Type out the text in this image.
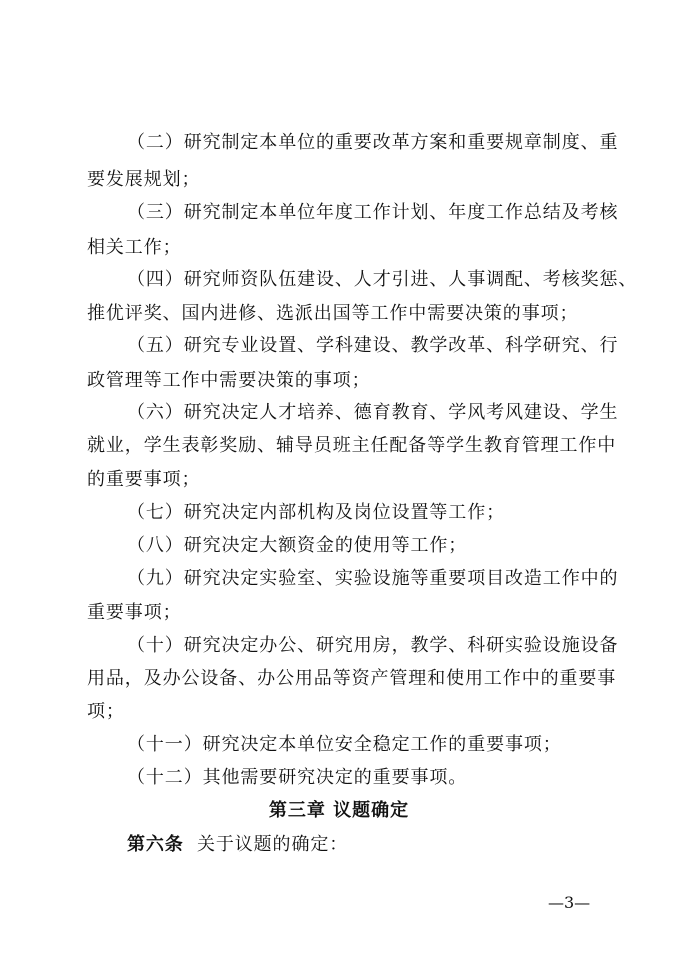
（二）研究制定本单位的重要改革方案和重要规章制度、重
要发展规划；
（三）研究制定本单位年度工作计划、年度工作总结及考核
相关工作；
（四）研究师资队伍建设、人才引进、人事调配、考核奖惩、
推优评奖、国内进修、选派出国等工作中需要决策的事项；
（五）研究专业设置、学科建设、教学改革、科学研究、行
政管理等工作中需要决策的事项；
（六）研究决定人才培养、德育教育、学风考风建设、学生
就业，学生表彰奖励、辅导员班主任配备等学生教育管理工作中
的重要事项；
（七）研究决定内部机构及岗位设置等工作；
（八）研究决定大额资金的使用等工作；
（九）研究决定实验室、实验设施等重要项目改造工作中的
重要事项；
（十）研究决定办公、研究用房，教学、科研实验设施设备
用品，及办公设备、办公用品等资产管理和使用工作中的重要事
项；
（十一）研究决定本单位安全稳定工作的重要事项；
（十二）其他需要研究决定的重要事项。
第三章 议题确定
第六条 关于议题的确定：
—3—
